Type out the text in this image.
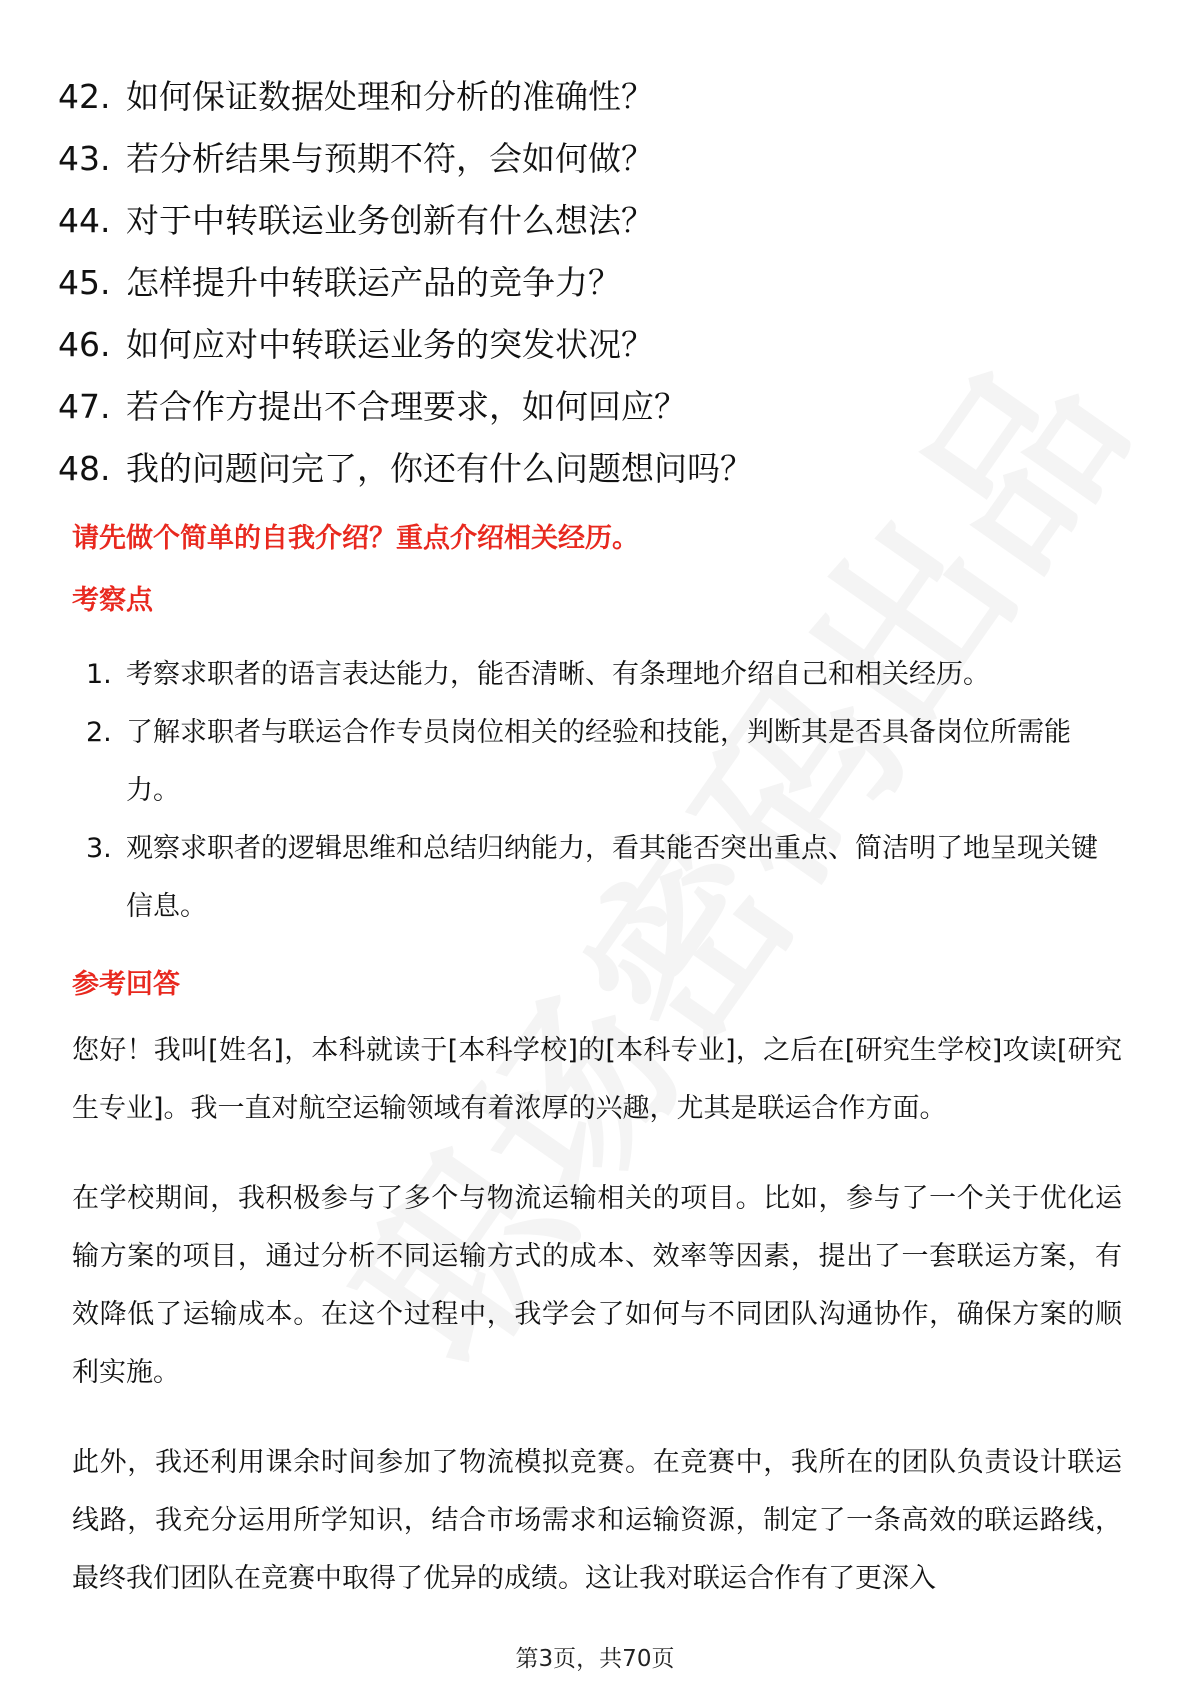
42. 如何保证数据处理和分析的准确性？
43. 若分析结果与预期不符，会如何做？
44. 对于中转联运业务创新有什么想法？
45. 怎样提升中转联运产品的竞争力？
46. 如何应对中转联运业务的突发状况？
47. 若合作方提出不合理要求，如何回应？
48. 我的问题问完了，你还有什么问题想问吗？
请先做个简单的自我介绍？重点介绍相关经历。
考察点
1. 考察求职者的语言表达能力，能否清晰、有条理地介绍自己和相关经历。
2. 了解求职者与联运合作专员岗位相关的经验和技能，判断其是否具备岗位所需能力。
3. 观察求职者的逻辑思维和总结归纳能力，看其能否突出重点、简洁明了地呈现关键信息。
参考回答

您好！我叫[姓名]，本科就读于[本科学校]的[本科专业]，之后在[研究生学校]攻读[研究生专业]。我一直对航空运输领域有着浓厚的兴趣，尤其是联运合作方面。

在学校期间，我积极参与了多个与物流运输相关的项目。比如，参与了一个关于优化运输方案的项目，通过分析不同运输方式的成本、效率等因素，提出了一套联运方案，有效降低了运输成本。在这个过程中，我学会了如何与不同团队沟通协作，确保方案的顺利实施。

此外，我还利用课余时间参加了物流模拟竞赛。在竞赛中，我所在的团队负责设计联运线路，我充分运用所学知识，结合市场需求和运输资源，制定了一条高效的联运路线，最终我们团队在竞赛中取得了优异的成绩。这让我对联运合作有了更深入

第3页，共70页
